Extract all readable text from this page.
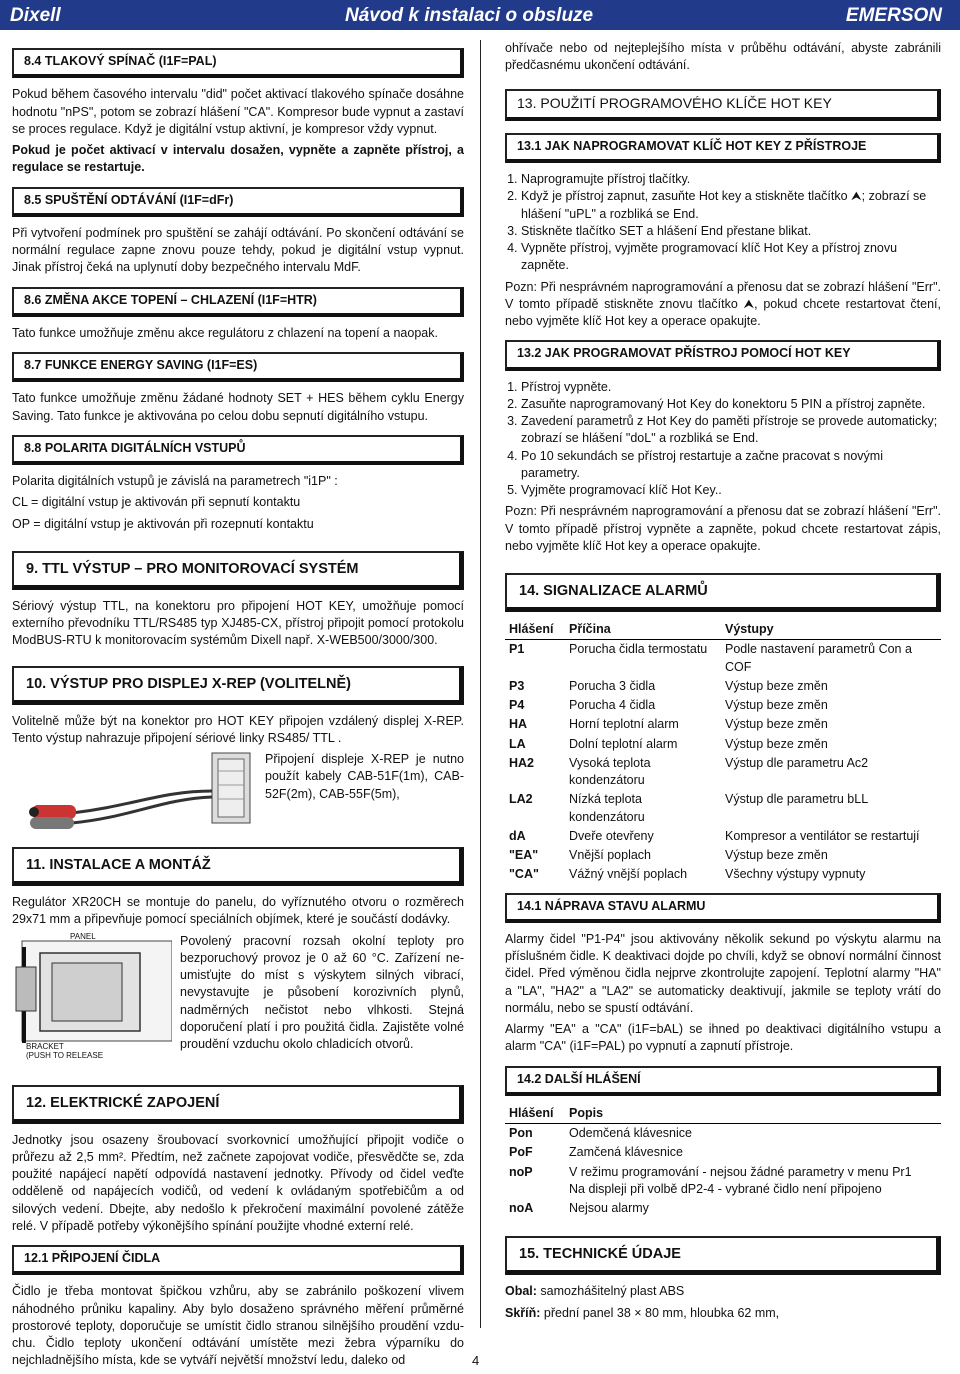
Dixell	Návod k instalaci o obsluze	EMERSON
8.4 TLAKOVÝ SPÍNAČ (I1F=PAL)

Pokud během časového intervalu "did" počet aktivací tlakového spínače dosáhne hodnotu "nPS", potom se zobrazí hlášení "CA". Kompresor bude vypnut a zastaví se proces regulace. Když je digitální vstup aktivní, je kompresor vždy vypnut.

Pokud je počet aktivací v intervalu dosažen, vypněte a zapněte přístroj, a regulace se restartuje.

8.5 SPUŠTĚNÍ ODTÁVÁNÍ (I1F=dFr)

Při vytvoření podmínek pro spuštění se zahájí odtávání. Po skončení odtávání se normální regulace zapne znovu pouze tehdy, pokud je digitální vstup vypnut. Jinak přístroj čeká na uplynutí doby bezpečného intervalu MdF.

8.6 ZMĚNA AKCE TOPENÍ – CHLAZENÍ (I1F=HTR)

Tato funkce umožňuje změnu akce regulátoru z chlazení na topení a naopak.

8.7 FUNKCE ENERGY SAVING (I1F=ES)

Tato funkce umožňuje změnu žádané hodnoty SET + HES během cyklu Energy Saving. Tato funkce je aktivována po celou dobu sepnutí digitálního vstupu.

8.8 POLARITA DIGITÁLNÍCH VSTUPŮ

Polarita digitálních vstupů je závislá na parametrech "i1P" :

CL = digitální vstup je aktivován při sepnutí kontaktu

OP = digitální vstup je aktivován při rozepnutí kontaktu

9. TTL VÝSTUP – PRO MONITOROVACÍ SYSTÉM

Sériový výstup TTL, na konektoru pro připojení HOT KEY, umožňuje pomocí externího převodníku TTL/RS485 typ XJ485-CX, přístroj připojit pomocí protokolu ModBUS-RTU k monitorovacím systémům Dixell např. X-WEB500/3000/300.

10. VÝSTUP PRO DISPLEJ X-REP (VOLITELNĚ)

Volitelně může být na konektor pro HOT KEY připojen vzdálený displej X-REP. Tento výstup nahrazuje připojení sériové linky RS485/ TTL .

Připojení displeje X-REP je nutno použít kabely CAB-51F(1m), CAB-52F(2m), CAB-55F(5m),

11. INSTALACE A MONTÁŽ

Regulátor XR20CH se montuje do panelu, do vyříznutého otvoru o rozměrech 29x71 mm a připevňuje pomocí speciálních objímek, které je součástí dodávky.

PANEL
BRACKET
(PUSH TO RELEASE

Povolený pracovní rozsah okolní teploty pro bezporuchový provoz je 0 až 60 °C. Zařízení ne-umisťujte do míst s výskytem silných vibrací, nevystavujte je působení korozivních plynů, nadměrných nečistot nebo vlhkosti. Stejná doporučení platí i pro použitá čidla. Zajistěte volné proudění vzduchu okolo chladicích otvorů.

12. ELEKTRICKÉ ZAPOJENÍ

Jednotky jsou osazeny šroubovací svorkovnicí umožňující připojit vodiče o průřezu až 2,5 mm². Předtím, než začnete zapojovat vodiče, přesvědčte se, zda použité napájecí napětí odpovídá nastavení jednotky. Přívody od čidel veďte odděleně od napájecích vodičů, od vedení k ovládaným spotřebičům a od silových vedení. Dbejte, aby nedošlo k překročení maximální povolené zátěže relé. V případě potřeby výkonějšího spínání použijte vhodné externí relé.

12.1 PŘIPOJENÍ ČIDLA

Čidlo je třeba montovat špičkou vzhůru, aby se zabránilo poškození vlivem náhodného průniku kapaliny. Aby bylo dosaženo správného měření průměrné prostorové teploty, doporučuje se umístit čidlo stranou silnějšího proudění vzdu-chu. Čidlo teploty ukončení odtávání umístěte mezi žebra výparníku do nejchladnějšího místa, kde se vytváří největší množství ledu, daleko od

ohřívače nebo od nejteplejšího místa v průběhu odtávání, abyste zabránili předčasnému ukončení odtávání.

13. POUŽITÍ PROGRAMOVÉHO KLÍČE HOT KEY
13.1 JAK NAPROGRAMOVAT KLÍČ HOT KEY Z PŘÍSTROJE
1. Naprogramujte přístroj tlačítky.
2. Když je přístroj zapnut, zasuňte Hot key a stiskněte tlačítko ⮝; zobrazí se hlášení "uPL" a rozbliká se End.
3. Stiskněte tlačítko SET a hlášení End přestane blikat.
4. Vypněte přístroj, vyjměte programovací klíč Hot Key a přístroj znovu zapněte.

Pozn: Při nesprávném naprogramování a přenosu dat se zobrazí hlášení "Err". V tomto případě stiskněte znovu tlačítko ⮝, pokud chcete restartovat čtení, nebo vyjměte klíč Hot key a operace opakujte.

13.2 JAK PROGRAMOVAT PŘÍSTROJ POMOCÍ HOT KEY
1. Přístroj vypněte.
2. Zasuňte naprogramovaný Hot Key do konektoru 5 PIN a přístroj zapněte.
3. Zavedení parametrů z Hot Key do paměti přístroje se provede automaticky; zobrazí se hlášení "doL" a rozbliká se End.
4. Po 10 sekundách se přístroj restartuje a začne pracovat s novými parametry.
5. Vyjměte programovací klíč Hot Key..

Pozn: Při nesprávném naprogramování a přenosu dat se zobrazí hlášení "Err". V tomto případě přístroj vypněte a zapněte, pokud chcete restartovat zápis, nebo vyjměte klíč Hot key a operace opakujte.

14. SIGNALIZACE ALARMŮ
Hlášení	Příčina	Výstupy
P1	Porucha čidla termostatu	Podle nastavení parametrů Con a COF
P3	Porucha 3 čidla	Výstup beze změn
P4	Porucha 4 čidla	Výstup beze změn
HA	Horní teplotní alarm	Výstup beze změn
LA	Dolní teplotní alarm	Výstup beze změn
HA2	Vysoká teplota kondenzátoru	Výstup dle parametru Ac2
LA2	Nízká teplota kondenzátoru	Výstup dle parametru bLL
dA	Dveře otevřeny	Kompresor a ventilátor se restartují
"EA"	Vnější poplach	Výstup beze změn
"CA"	Vážný vnější poplach	Všechny výstupy vypnuty
14.1 NÁPRAVA STAVU ALARMU

Alarmy čidel "P1-P4" jsou aktivovány několik sekund po výskytu alarmu na příslušném čidle. K deaktivaci dojde po chvíli, když se obnoví normální činnost čidel. Před výměnou čidla nejprve zkontrolujte zapojení. Teplotní alarmy "HA" a "LA", "HA2" a "LA2" se automaticky deaktivují, jakmile se teploty vrátí do normálu, nebo se spustí odtávání.

Alarmy "EA" a "CA" (i1F=bAL) se ihned po deaktivaci digitálního vstupu a alarm "CA" (i1F=PAL) po vypnutí a zapnutí přístroje.

14.2 DALŠÍ HLÁŠENÍ
Hlášení	Popis
Pon	Odemčená klávesnice
PoF	Zamčená klávesnice
noP	V režimu programování - nejsou žádné parametry v menu Pr1
Na displeji při volbě dP2-4 - vybrané čidlo není připojeno
noA	Nejsou alarmy
15. TECHNICKÉ ÚDAJE

Obal: samozhášitelný plast ABS

Skříň: přední panel 38 × 80 mm, hloubka 62 mm,

4
